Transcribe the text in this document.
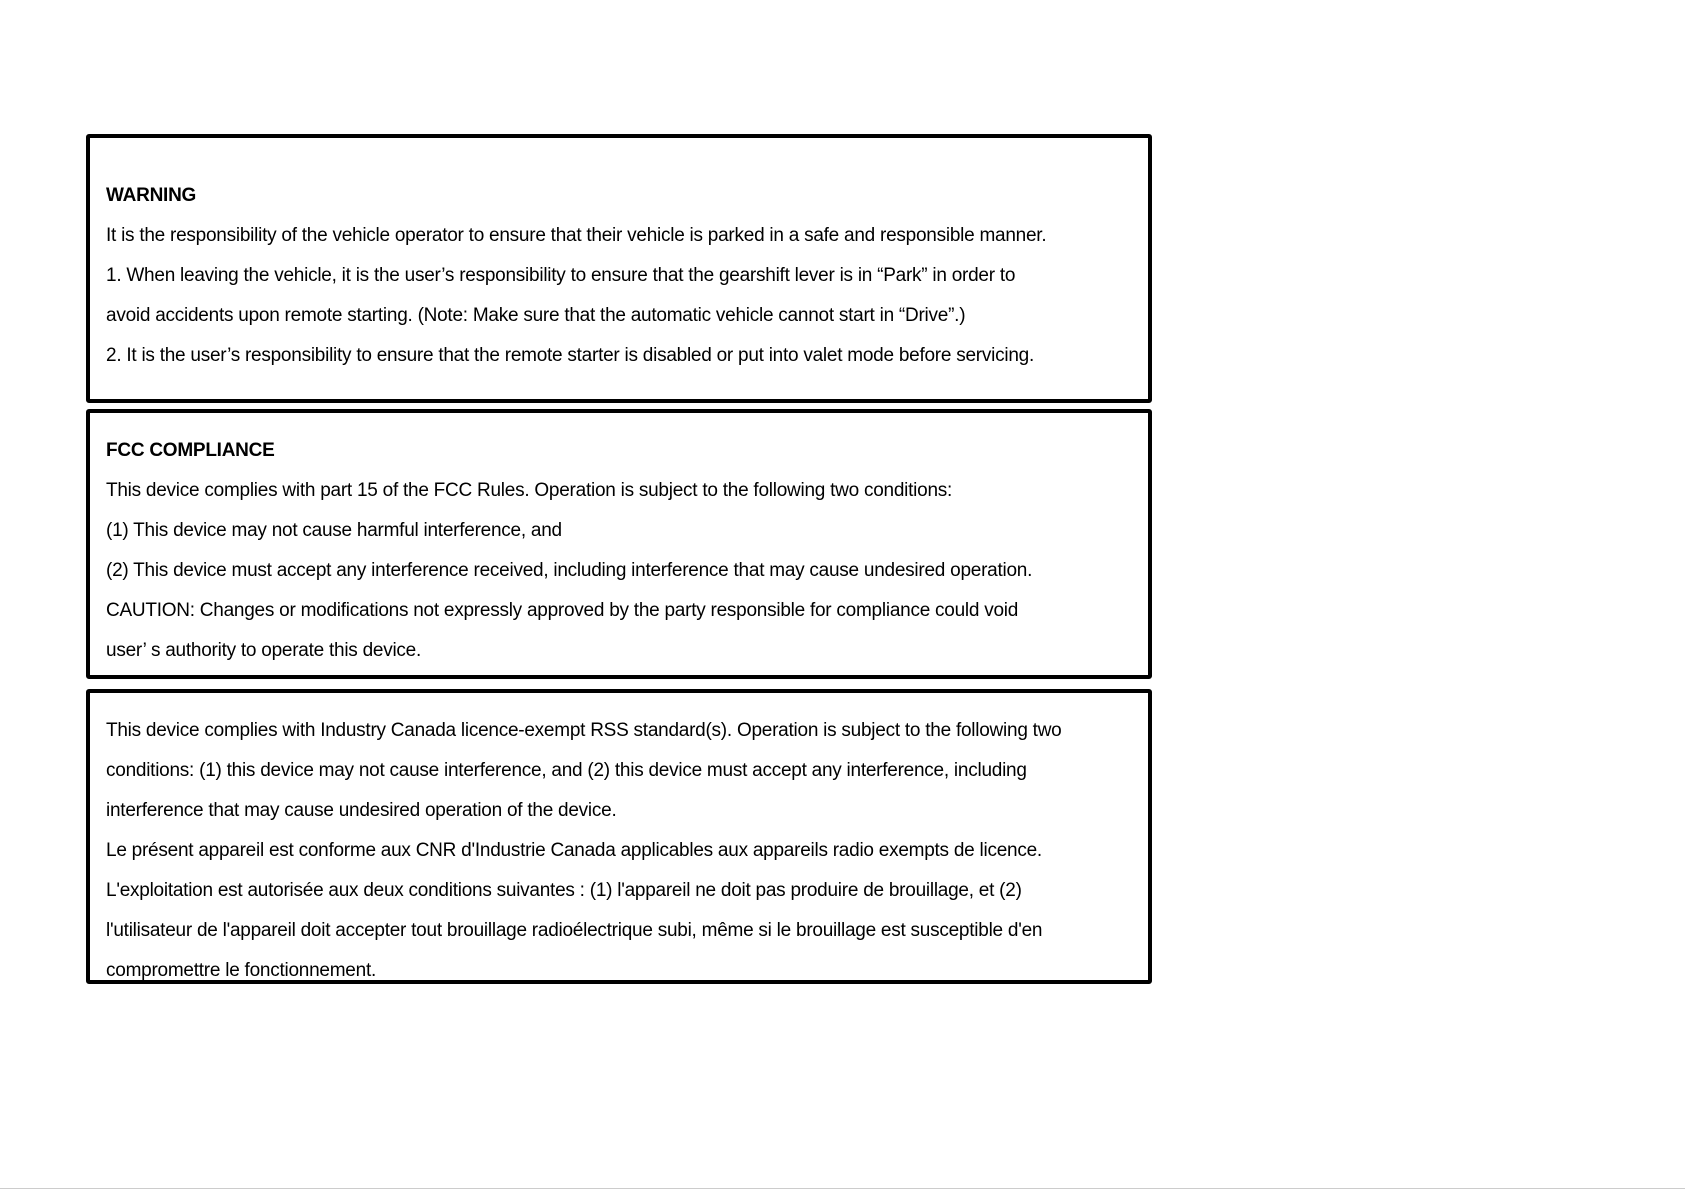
WARNING
It is the responsibility of the vehicle operator to ensure that their vehicle is parked in a safe and responsible manner.
1. When leaving the vehicle, it is the user’s responsibility to ensure that the gearshift lever is in “Park” in order to
avoid accidents upon remote starting. (Note: Make sure that the automatic vehicle cannot start in “Drive”.)
2. It is the user’s responsibility to ensure that the remote starter is disabled or put into valet mode before servicing.
FCC COMPLIANCE
This device complies with part 15 of the FCC Rules. Operation is subject to the following two conditions:
(1) This device may not cause harmful interference, and
(2) This device must accept any interference received, including interference that may cause undesired operation.
CAUTION: Changes or modifications not expressly approved by the party responsible for compliance could void
user’ s authority to operate this device.
This device complies with Industry Canada licence-exempt RSS standard(s). Operation is subject to the following two
conditions: (1) this device may not cause interference, and (2) this device must accept any interference, including
interference that may cause undesired operation of the device.
Le présent appareil est conforme aux CNR d'Industrie Canada applicables aux appareils radio exempts de licence.
L'exploitation est autorisée aux deux conditions suivantes : (1) l'appareil ne doit pas produire de brouillage, et (2)
l'utilisateur de l'appareil doit accepter tout brouillage radioélectrique subi, même si le brouillage est susceptible d'en
compromettre le fonctionnement.
